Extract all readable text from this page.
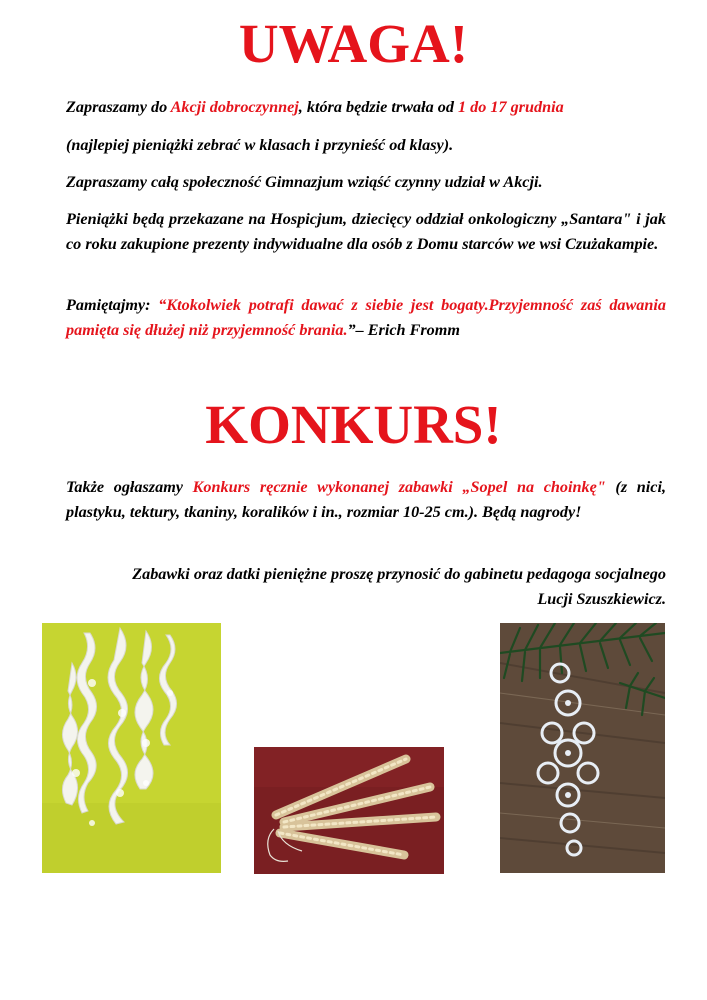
UWAGA!

Zapraszamy do Akcji dobroczynnej, która będzie trwała od 1 do 17 grudnia

(najlepiej pieniążki zebrać w klasach i przynieść od klasy).

Zapraszamy całą społeczność Gimnazjum wziąść czynny udział w Akcji.

Pieniążki będą przekazane na Hospicjum, dziecięcy oddział onkologiczny „Santara" i jak co roku zakupione prezenty indywidualne dla osób z Domu starców we wsi Czużakampie.

Pamiętajmy: “Ktokolwiek potrafi dawać z siebie jest bogaty.Przyjemność zaś dawania pamięta się dłużej niż przyjemność brania.”– Erich Fromm

KONKURS!

Także ogłaszamy Konkurs ręcznie wykonanej zabawki „Sopel na choinkę" (z nici, plastyku, tektury, tkaniny, koralików i in., rozmiar 10-25 cm.). Będą nagrody!

Zabawki oraz datki pieniężne proszę przynosić do gabinetu pedagoga socjalnego Lucji Szuszkiewicz.
